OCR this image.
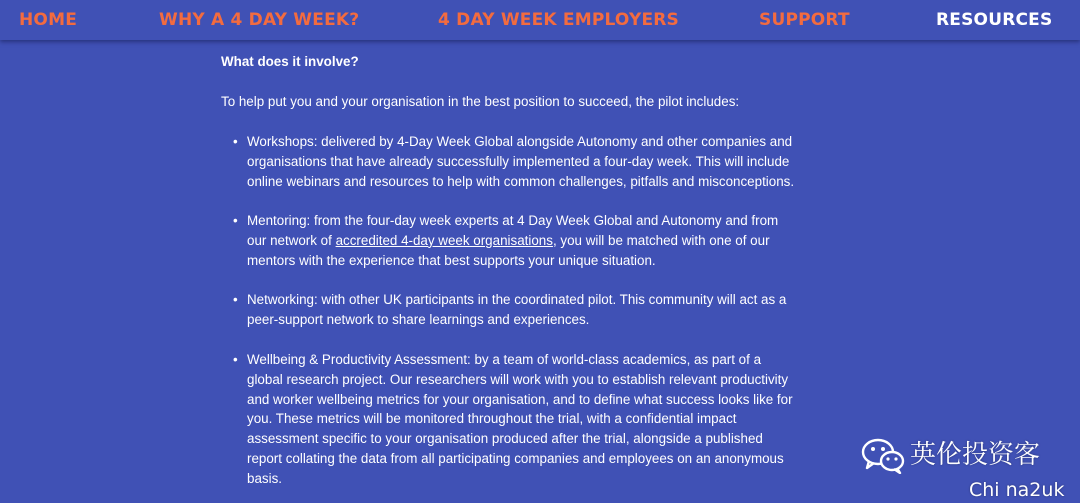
HOME	WHY A 4 DAY WEEK?	4 DAY WEEK EMPLOYERS	SUPPORT	RESOURCES
What does it involve?
To help put you and your organisation in the best position to succeed, the pilot includes:
• Workshops: delivered by 4-Day Week Global alongside Autonomy and other companies and
organisations that have already successfully implemented a four-day week. This will include
online webinars and resources to help with common challenges, pitfalls and misconceptions.
• Mentoring: from the four-day week experts at 4 Day Week Global and Autonomy and from
our network of accredited 4-day week organisations, you will be matched with one of our
mentors with the experience that best supports your unique situation.
• Networking: with other UK participants in the coordinated pilot. This community will act as a
peer-support network to share learnings and experiences.
• Wellbeing & Productivity Assessment: by a team of world-class academics, as part of a
global research project. Our researchers will work with you to establish relevant productivity
and worker wellbeing metrics for your organisation, and to define what success looks like for
you. These metrics will be monitored throughout the trial, with a confidential impact
assessment specific to your organisation produced after the trial, alongside a published
report collating the data from all participating companies and employees on an anonymous
basis.
英伦投资客
Chi na2uk
